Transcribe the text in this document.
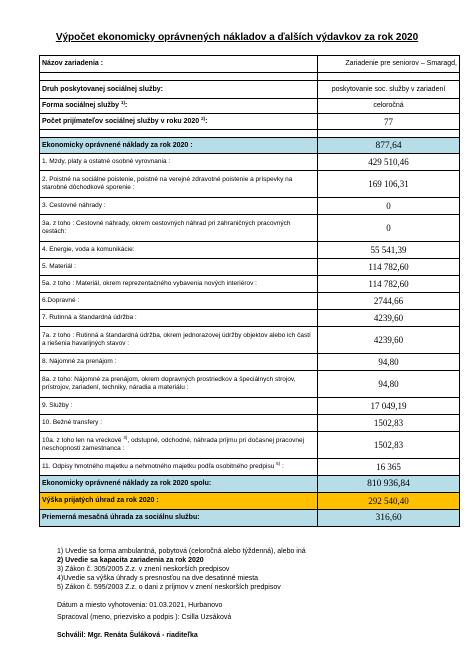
Výpočet ekonomicky oprávnených nákladov a ďalších výdavkov za rok 2020
Názov zariadenia :	Zariadenie pre seniorov – Smaragd,

Druh poskytovanej sociálnej služby:	poskytovanie soc. služby v zariadení
Forma sociálnej služby $^{1)}$:	celoročná
Počet prijímateľov sociálnej služby v roku 2020 $^{2)}$:	77

Ekonomicky oprávnené náklady za rok 2020 :	877,64
1. Mzdy, platy a ostatné osobné vyrovnania :	429 510,46
2. Poistné na sociálne poistenie, poistné na verejné zdravotné poistenie a príspevky na starobné dôchodkové sporenie :	169 106,31
3. Cestovné náhrady :	0
3a. z toho : Cestovné náhrady, okrem cestovných náhrad pri zahraničných pracovných cestách:	0
4. Energie, voda a komunikácie:	55 541,39
5. Materiál :	114 782,60
5a. z toho : Materiál, okrem reprezentačného vybavenia nových interiérov :	114 782,60
6.Dopravné :	2744,66
7. Rutinná a štandardná údržba :	4239,60
7a. z toho : Rutinná a štandardná údržba, okrem jednorazovej údržby objektov alebo ich častí a riešenia havarijných stavov :	4239,60
8. Nájomné za prenájom :	94,80
8a. z toho: Nájomné za prenájom, okrem dopravných prostriedkov a špeciálnych strojov, prístrojov, zariadení, techniky, náradia a materiálu :	94,80
9. Služby :	17 049,19
10. Bežné transfery :	1502,83
10a. z toho len na vreckové $^{3)}$, odstupné, odchodné, náhrada príjmu pri dočasnej pracovnej neschopnosti zamestnanca :	1502,83
11. Odpisy hmotného majetku a nehmotného majetku podľa osobitného predpisu $^{5)}$ :	16 365
Ekonomicky oprávnené náklady za rok 2020 spolu:	810 936,84
Výška prijatých úhrad za rok 2020 :	292 540,40
Priemerná mesačná úhrada za sociálnu službu:	316,60
1) Uvedie sa forma ambulantná, pobytová (celoročná alebo týždenná), alebo iná
2) Uvedie sa kapacita zariadenia za rok 2020
3) Zákon č. 305/2005 Z.z. v znení neskorších predpisov
4)Uvedie sa výška úhrady s presnosťou na dve desatinné miesta
5) Zákon č. 595/2003 Z.z. o dani z príjmov v znení neskorších predpisov
Dátum a miesto vyhotovenia: 01.03.2021, Hurbanovo
Spracoval (meno, priezvisko a podpis ): Csilla Uzsáková
Schválil: Mgr. Renáta Šuláková - riaditeľka
